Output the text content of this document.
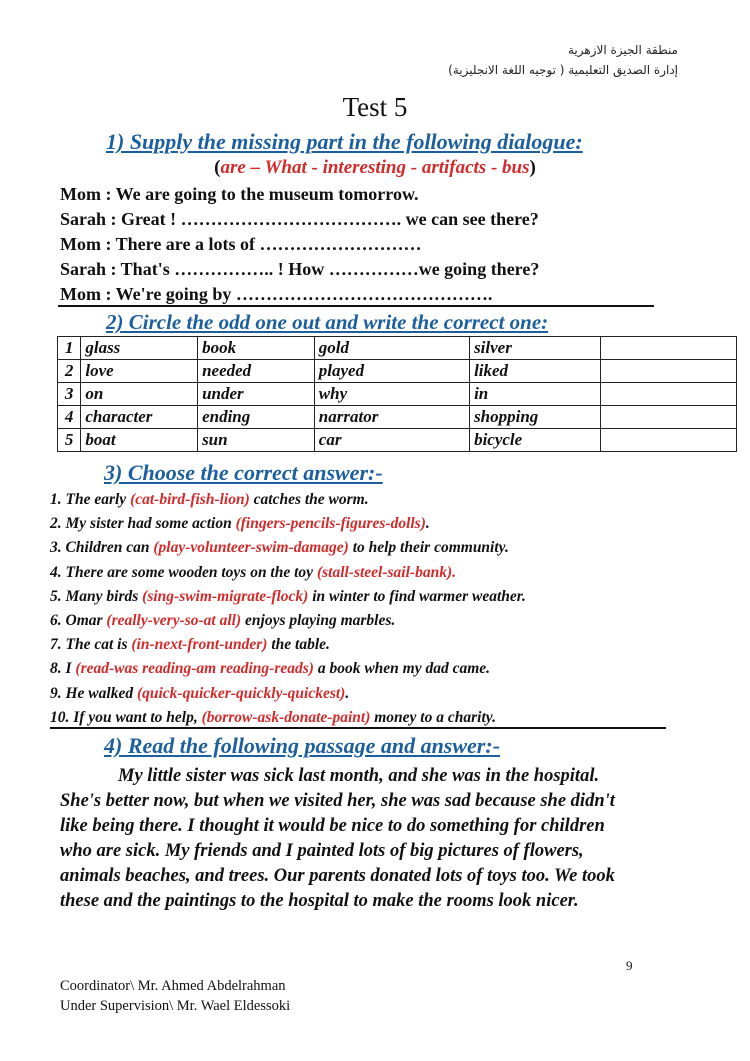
منطقة الجيزة الازهرية
إدارة الصديق التعليمية ( توجيه اللغة الانجليزية)
Test 5
1) Supply the missing part in the following dialogue:
(are – What - interesting - artifacts - bus)
Mom : We are going to the museum tomorrow.
Sarah : Great ! ………………………………. we can see there?
Mom : There are a lots of ………………………
Sarah : That's …………….. ! How ……………we going there?
Mom : We're going by …………………………………….
2) Circle the odd one out and write the correct one:
1	glass	book	gold	silver	
2	love	needed	played	liked	
3	on	under	why	in	
4	character	ending	narrator	shopping	
5	boat	sun	car	bicycle	
3) Choose the correct answer:-
1. The early (cat-bird-fish-lion) catches the worm.
2. My sister had some action (fingers-pencils-figures-dolls).
3. Children can (play-volunteer-swim-damage) to help their community.
4. There are some wooden toys on the toy (stall-steel-sail-bank).
5. Many birds (sing-swim-migrate-flock) in winter to find warmer weather.
6. Omar (really-very-so-at all) enjoys playing marbles.
7. The cat is (in-next-front-under) the table.
8. I (read-was reading-am reading-reads) a book when my dad came.
9. He walked (quick-quicker-quickly-quickest).
10. If you want to help, (borrow-ask-donate-paint) money to a charity.
4) Read the following passage and answer:-
My little sister was sick last month, and she was in the hospital. She's better now, but when we visited her, she was sad because she didn't like being there. I thought it would be nice to do something for children who are sick. My friends and I painted lots of big pictures of flowers, animals beaches, and trees. Our parents donated lots of toys too. We took these and the paintings to the hospital to make the rooms look nicer.
9
Coordinator\ Mr. Ahmed Abdelrahman
Under Supervision\ Mr. Wael Eldessoki
